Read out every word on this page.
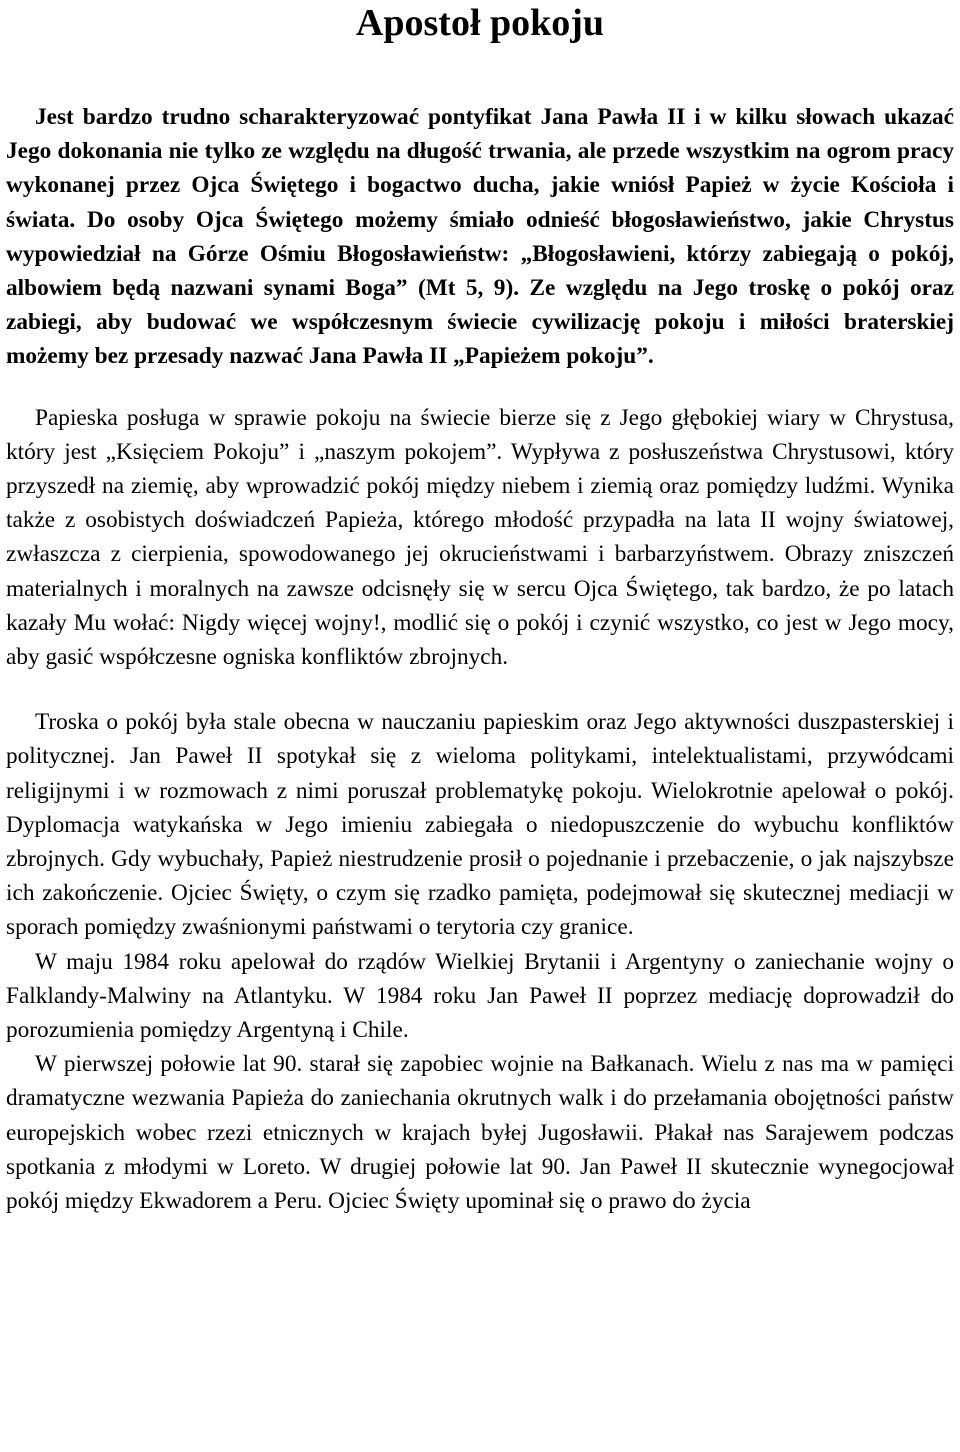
Apostoł pokoju

Jest bardzo trudno scharakteryzować pontyfikat Jana Pawła II i w kilku słowach ukazać Jego dokonania nie tylko ze względu na długość trwania, ale przede wszystkim na ogrom pracy wykonanej przez Ojca Świętego i bogactwo ducha, jakie wniósł Papież w życie Kościoła i świata. Do osoby Ojca Świętego możemy śmiało odnieść błogosławieństwo, jakie Chrystus wypowiedział na Górze Ośmiu Błogosławieństw: „Błogosławieni, którzy zabiegają o pokój, albowiem będą nazwani synami Boga” (Mt 5, 9). Ze względu na Jego troskę o pokój oraz zabiegi, aby budować we współczesnym świecie cywilizację pokoju i miłości braterskiej możemy bez przesady nazwać Jana Pawła II „Papieżem pokoju”.

Papieska posługa w sprawie pokoju na świecie bierze się z Jego głębokiej wiary w Chrystusa, który jest „Księciem Pokoju” i „naszym pokojem”. Wypływa z posłuszeństwa Chrystusowi, który przyszedł na ziemię, aby wprowadzić pokój między niebem i ziemią oraz pomiędzy ludźmi. Wynika także z osobistych doświadczeń Papieża, którego młodość przypadła na lata II wojny światowej, zwłaszcza z cierpienia, spowodowanego jej okrucieństwami i barbarzyństwem. Obrazy zniszczeń materialnych i moralnych na zawsze odcisnęły się w sercu Ojca Świętego, tak bardzo, że po latach kazały Mu wołać: Nigdy więcej wojny!, modlić się o pokój i czynić wszystko, co jest w Jego mocy, aby gasić współczesne ogniska konfliktów zbrojnych.

Troska o pokój była stale obecna w nauczaniu papieskim oraz Jego aktywności duszpasterskiej i politycznej. Jan Paweł II spotykał się z wieloma politykami, intelektualistami, przywódcami religijnymi i w rozmowach z nimi poruszał problematykę pokoju. Wielokrotnie apelował o pokój. Dyplomacja watykańska w Jego imieniu zabiegała o niedopuszczenie do wybuchu konfliktów zbrojnych. Gdy wybuchały, Papież niestrudzenie prosił o pojednanie i przebaczenie, o jak najszybsze ich zakończenie. Ojciec Święty, o czym się rzadko pamięta, podejmował się skutecznej mediacji w sporach pomiędzy zwaśnionymi państwami o terytoria czy granice.

W maju 1984 roku apelował do rządów Wielkiej Brytanii i Argentyny o zaniechanie wojny o Falklandy-Malwiny na Atlantyku. W 1984 roku Jan Paweł II poprzez mediację doprowadził do porozumienia pomiędzy Argentyną i Chile.

W pierwszej połowie lat 90. starał się zapobiec wojnie na Bałkanach. Wielu z nas ma w pamięci dramatyczne wezwania Papieża do zaniechania okrutnych walk i do przełamania obojętności państw europejskich wobec rzezi etnicznych w krajach byłej Jugosławii. Płakał nas Sarajewem podczas spotkania z młodymi w Loreto. W drugiej połowie lat 90. Jan Paweł II skutecznie wynegocjował pokój między Ekwadorem a Peru. Ojciec Święty upominał się o prawo do życia
